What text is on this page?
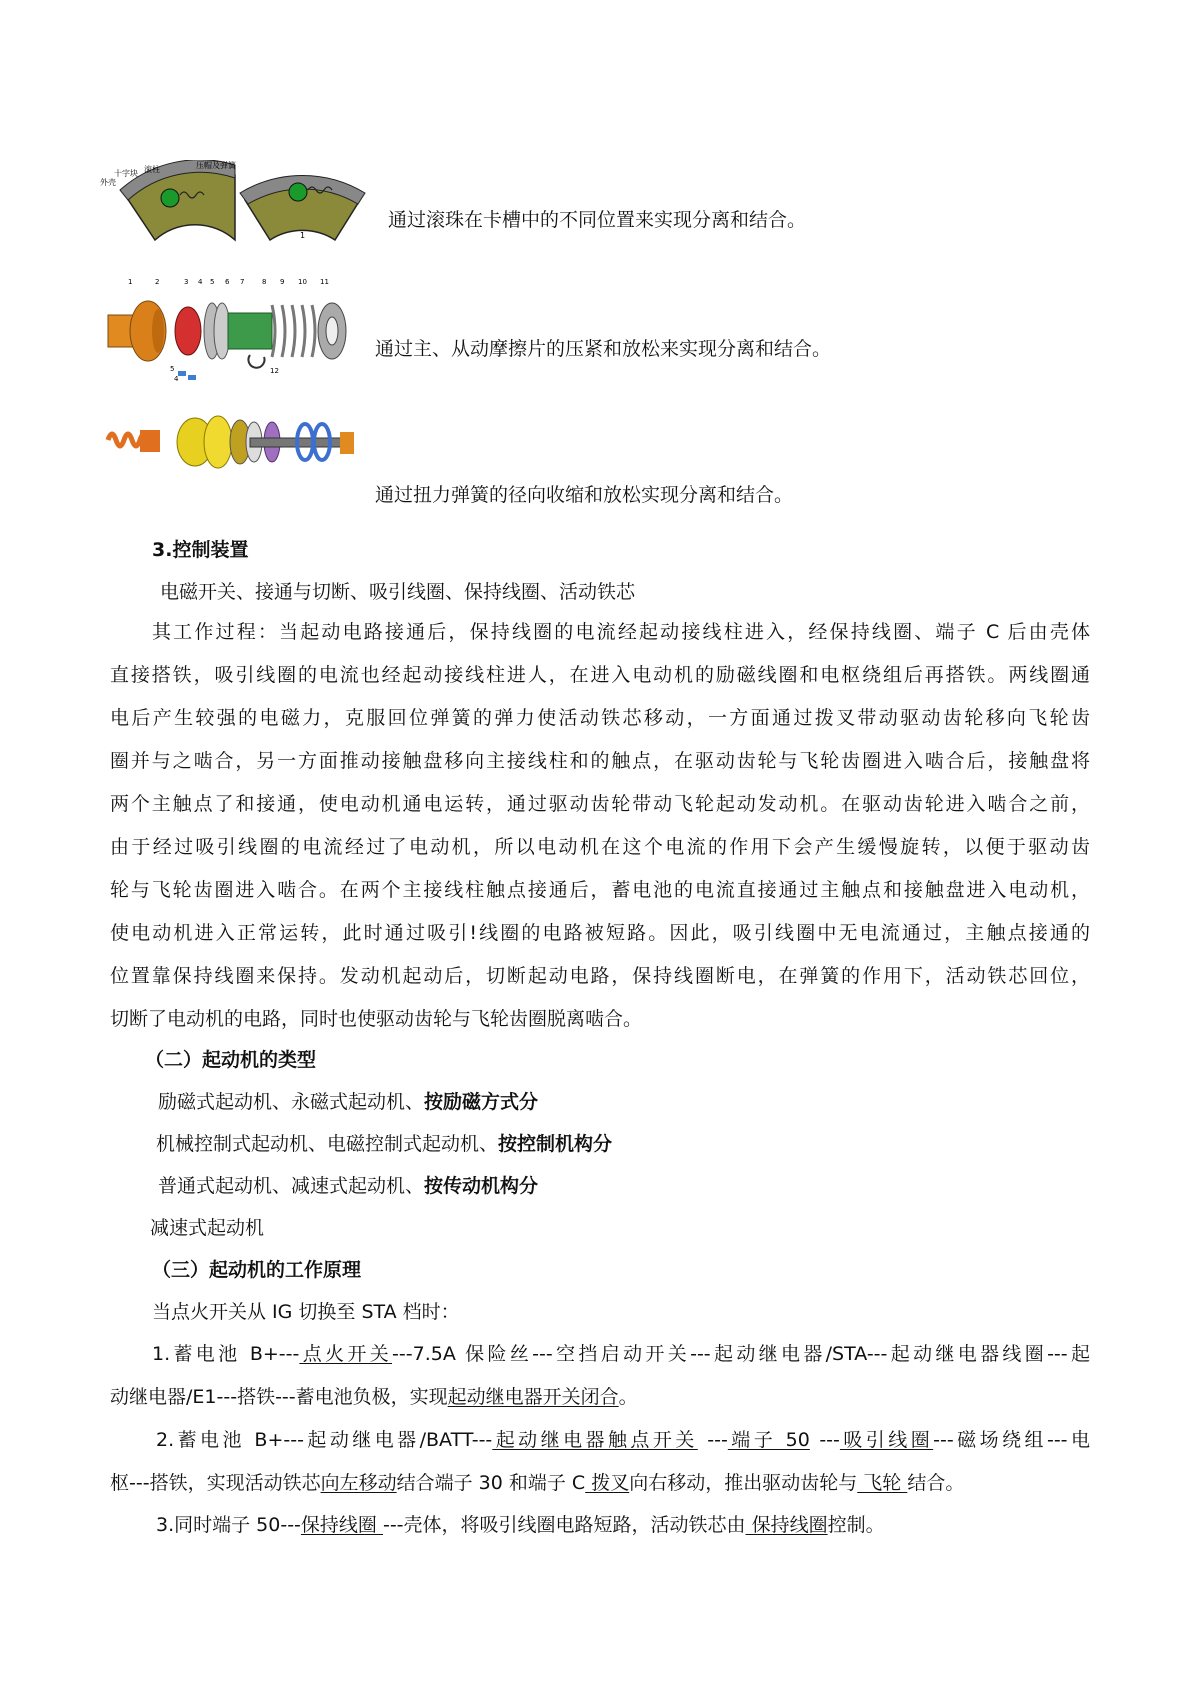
外壳
十字块 滚柱	压帽及弹簧
1
通过滚珠在卡槽中的不同位置来实现分离和结合。
1	2	3 4 5 6 7	8 9 10 11
12
5
4
通过主、从动摩擦片的压紧和放松来实现分离和结合。
通过扭力弹簧的径向收缩和放松实现分离和结合。
3.控制装置
电磁开关、接通与切断、吸引线圈、保持线圈、活动铁芯
其工作过程：当起动电路接通后，保持线圈的电流经起动接线柱进入，经保持线圈、端子 C 后由壳体
直接搭铁，吸引线圈的电流也经起动接线柱进人，在进入电动机的励磁线圈和电枢绕组后再搭铁。两线圈通
电后产生较强的电磁力，克服回位弹簧的弹力使活动铁芯移动，一方面通过拨叉带动驱动齿轮移向飞轮齿
圈并与之啮合，另一方面推动接触盘移向主接线柱和的触点，在驱动齿轮与飞轮齿圈进入啮合后，接触盘将
两个主触点了和接通，使电动机通电运转，通过驱动齿轮带动飞轮起动发动机。在驱动齿轮进入啮合之前，
由于经过吸引线圈的电流经过了电动机，所以电动机在这个电流的作用下会产生缓慢旋转，以便于驱动齿
轮与飞轮齿圈进入啮合。在两个主接线柱触点接通后，蓄电池的电流直接通过主触点和接触盘进入电动机，
使电动机进入正常运转，此时通过吸引!线圈的电路被短路。因此，吸引线圈中无电流通过，主触点接通的
位置靠保持线圈来保持。发动机起动后，切断起动电路，保持线圈断电，在弹簧的作用下，活动铁芯回位，
切断了电动机的电路，同时也使驱动齿轮与飞轮齿圈脱离啮合。
（二）起动机的类型
励磁式起动机、永磁式起动机、按励磁方式分
机械控制式起动机、电磁控制式起动机、按控制机构分
普通式起动机、减速式起动机、按传动机构分
减速式起动机
（三）起动机的工作原理
当点火开关从 IG 切换至 STA 档时：
1.蓄电池 B+---点火开关---7.5A 保险丝---空挡启动开关---起动继电器/STA---起动继电器线圈---起
动继电器/E1---搭铁---蓄电池负极，实现起动继电器开关闭合。
2.蓄电池 B+---起动继电器/BATT---起动继电器触点开关 ---端子 50 ---吸引线圈---磁场绕组---电
枢---搭铁，实现活动铁芯向左移动结合端子 30 和端子 C 拨叉向右移动，推出驱动齿轮与 飞轮 结合。
3.同时端子 50---保持线圈 ---壳体，将吸引线圈电路短路，活动铁芯由 保持线圈控制。
